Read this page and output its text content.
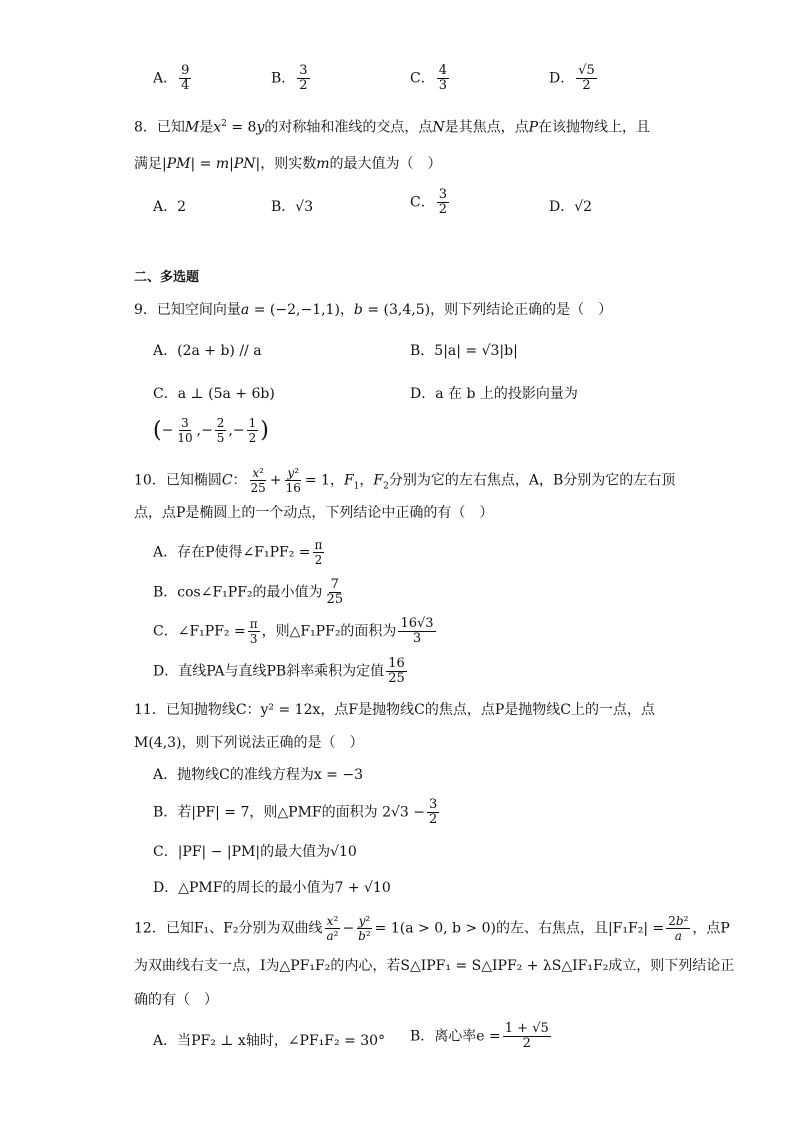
A． $\frac{9}{4}$	B． $\frac{3}{2}$	C． $\frac{4}{3}$	D． $\frac{√5}{2}$
8．已知M是$x^2 = 8y$的对称轴和准线的交点，点N是其焦点，点P在该抛物线上，且
满足|PM| = m|PN|，则实数m的最大值为（　）
A．2	B．√3	C． $\frac{3}{2}$	D．√2
二、多选题
9．已知空间向量a = (−2,−1,1)，b = (3,4,5)，则下列结论正确的是（　）
A．(2a + b) // a	B．5|a| = √3|b|
C．a ⊥ (5a + 6b)	D．a 在 b 上的投影向量为
(− $\frac{3}{10}$ ,− $\frac{2}{5}$ ,− $\frac{1}{2}$ )
10．已知椭圆C： $\frac{\text{x²}}{25} + \frac{\text{y²}}{16} = 1$，$F_1$，$F_2$分别为它的左右焦点，A，B分别为它的左右顶
点，点P是椭圆上的一个动点，下列结论中正确的有（　）
A．存在P使得∠F₁PF₂ = $\frac{\pi}{2}$
B．cos∠F₁PF₂的最小值为 $\frac{7}{25}$
C．∠F₁PF₂ = $\frac{\pi}{3}$ ，则△F₁PF₂的面积为 $\frac{16√3}{3}$
D．直线PA与直线PB斜率乘积为定值 $\frac{16}{25}$
11．已知抛物线C：y² = 12x，点F是抛物线C的焦点，点P是抛物线C上的一点，点
M(4,3)，则下列说法正确的是（　）
A．抛物线C的准线方程为x = −3
B．若|PF| = 7，则△PMF的面积为 $2√3 - \frac{3}{2}$
C．|PF| − |PM|的最大值为√10
D．△PMF的周长的最小值为7 + √10
12．已知F₁、F₂分别为双曲线 $\frac{\text{x²}}{\text{a²}} - \frac{\text{y²}}{\text{b²}} = 1(a > 0$, b > 0)的左、右焦点，且$|F_1F_2| = \frac{\text{2b²}}{a}$ ，点P
为双曲线右支一点，I为△PF₁F₂的内心，若S△IPF₁ = S△IPF₂ + λS△IF₁F₂成立，则下列结论正
确的有（　）
A．当PF₂ ⊥ x轴时，∠PF₁F₂ = 30° B．离心率$e = \frac{1 + √5}{2}$
